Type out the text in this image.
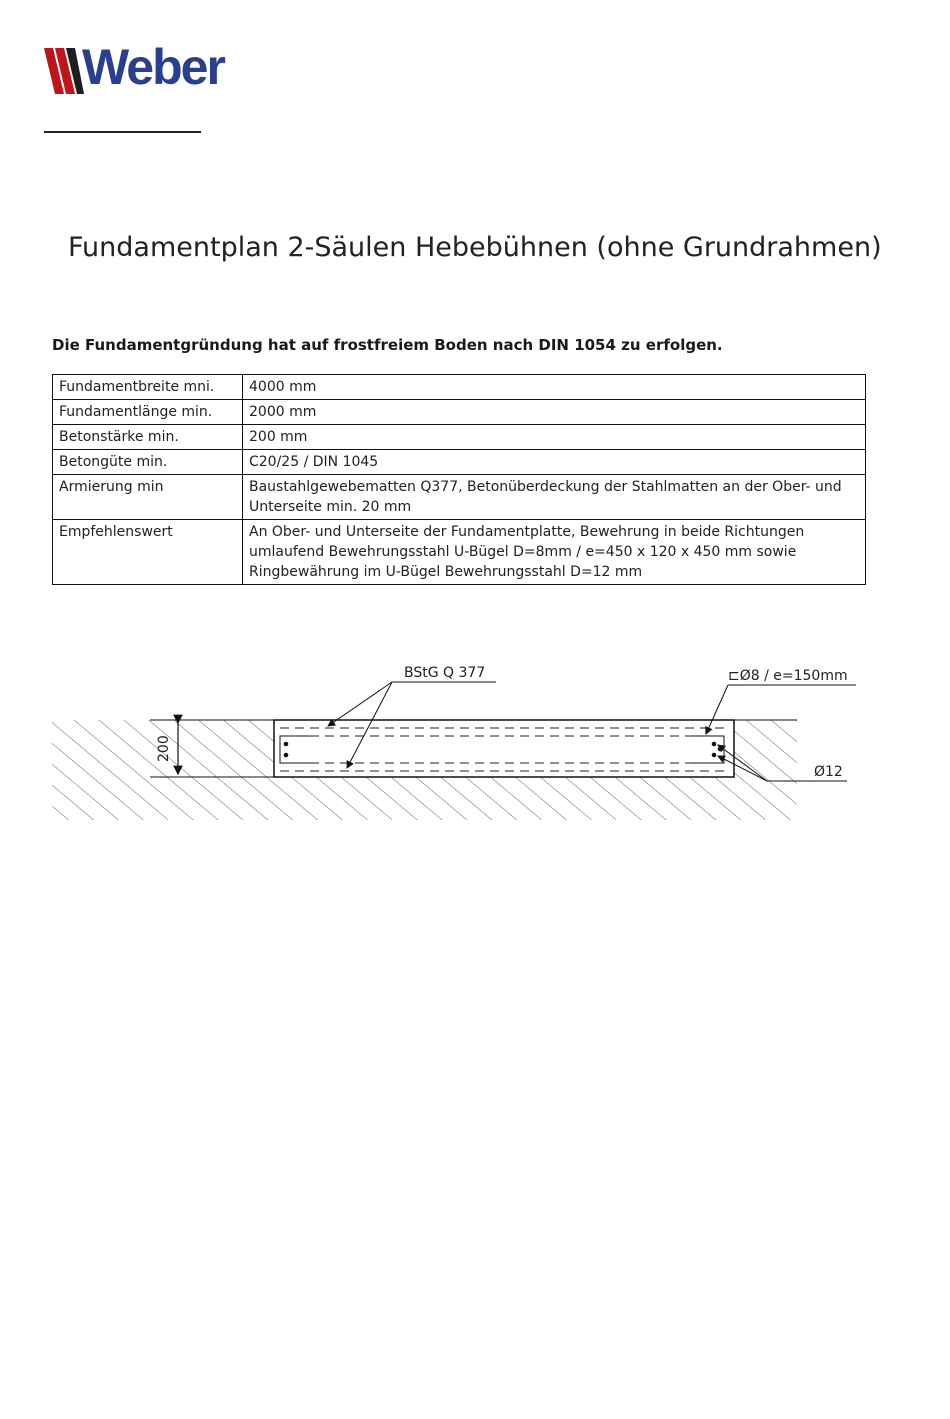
Weber
Fundamentplan 2-Säulen Hebebühnen (ohne Grundrahmen)

Die Fundamentgründung hat auf frostfreiem Boden nach DIN 1054 zu erfolgen.

Fundamentbreite mni.	4000 mm
Fundamentlänge min.	2000 mm
Betonstärke min.	200 mm
Betongüte min.	C20/25 / DIN 1045
Armierung min	Baustahlgewebematten Q377, Betonüberdeckung der Stahlmatten an der Ober- und Unterseite min. 20 mm
Empfehlenswert	An Ober- und Unterseite der Fundamentplatte, Bewehrung in beide Richtungen umlaufend Bewehrungsstahl U-Bügel D=8mm / e=450 x 120 x 450 mm sowie Ringbewährung im U-Bügel Bewehrungsstahl D=12 mm
200
BStG Q 377	⊏Ø8 / e=150mm
Ø12
